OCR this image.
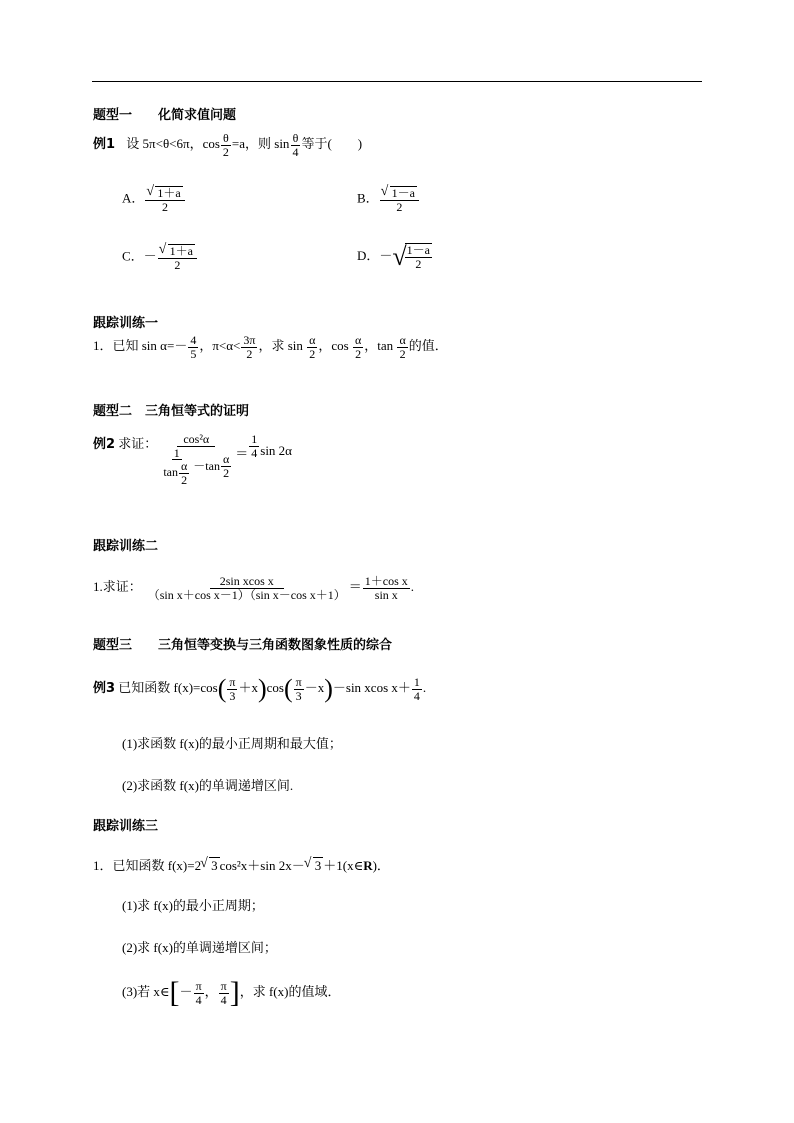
题型一　　化简求值问题
例1 设 5π<θ<6π，$\cos \frac{\theta}{2} =a$，则 $\sin \frac{\theta}{4}$ 等于(　　)
A． √ $\frac{1+a}{2}$	B． √ $\frac{1-a}{2}$
C．－ √ $\frac{1+a}{2}$	D．－√
$\frac{1-a}{2}$
跟踪训练一
1．已知 $\sin \alpha=- \frac{4}{5}$ ，$\pi<\alpha< \frac{3\pi}{2}$ ，求 $\sin \frac{\alpha}{2}$ ，$\cos \frac{\alpha}{2}$ ，$\tan \frac{\alpha}{2}$ 的值．
题型二　三角恒等式的证明
例2 求证： $\frac{\text{cos²α}}{\frac{1}{\tan \frac{\alpha}{2}} -\tan \frac{\alpha}{2}} = \frac{1}{4}$ sin 2α
跟踪训练二
1.求证： $\frac{\text{2sin xcos x}}{\text{（sin x＋cos x－1）（sin x－cos x＋1）}} = \frac{\text{1＋cos x}}{\text{sin x}}$ .
题型三　　三角恒等变换与三角函数图象性质的综合
例3 已知函数 $f(x)=\cos( \frac{\pi}{3} +x)\cos( \frac{\pi}{3} -x)-\sin$ xcos $x+ \frac{1}{4}$ .
(1)求函数 f(x)的最小正周期和最大值；
(2)求函数 f(x)的单调递增区间.
跟踪训练三
1．已知函数 f(x)=2 √ 3 cos²x＋sin 2x－ √ 3 ＋1(x∈R)．
(1)求 f(x)的最小正周期；
(2)求 f(x)的单调递增区间；
(3)若 x∈[－ $\frac{\pi}{4}$ ， $\frac{\pi}{4}$ ]，求 f(x)的值域．
